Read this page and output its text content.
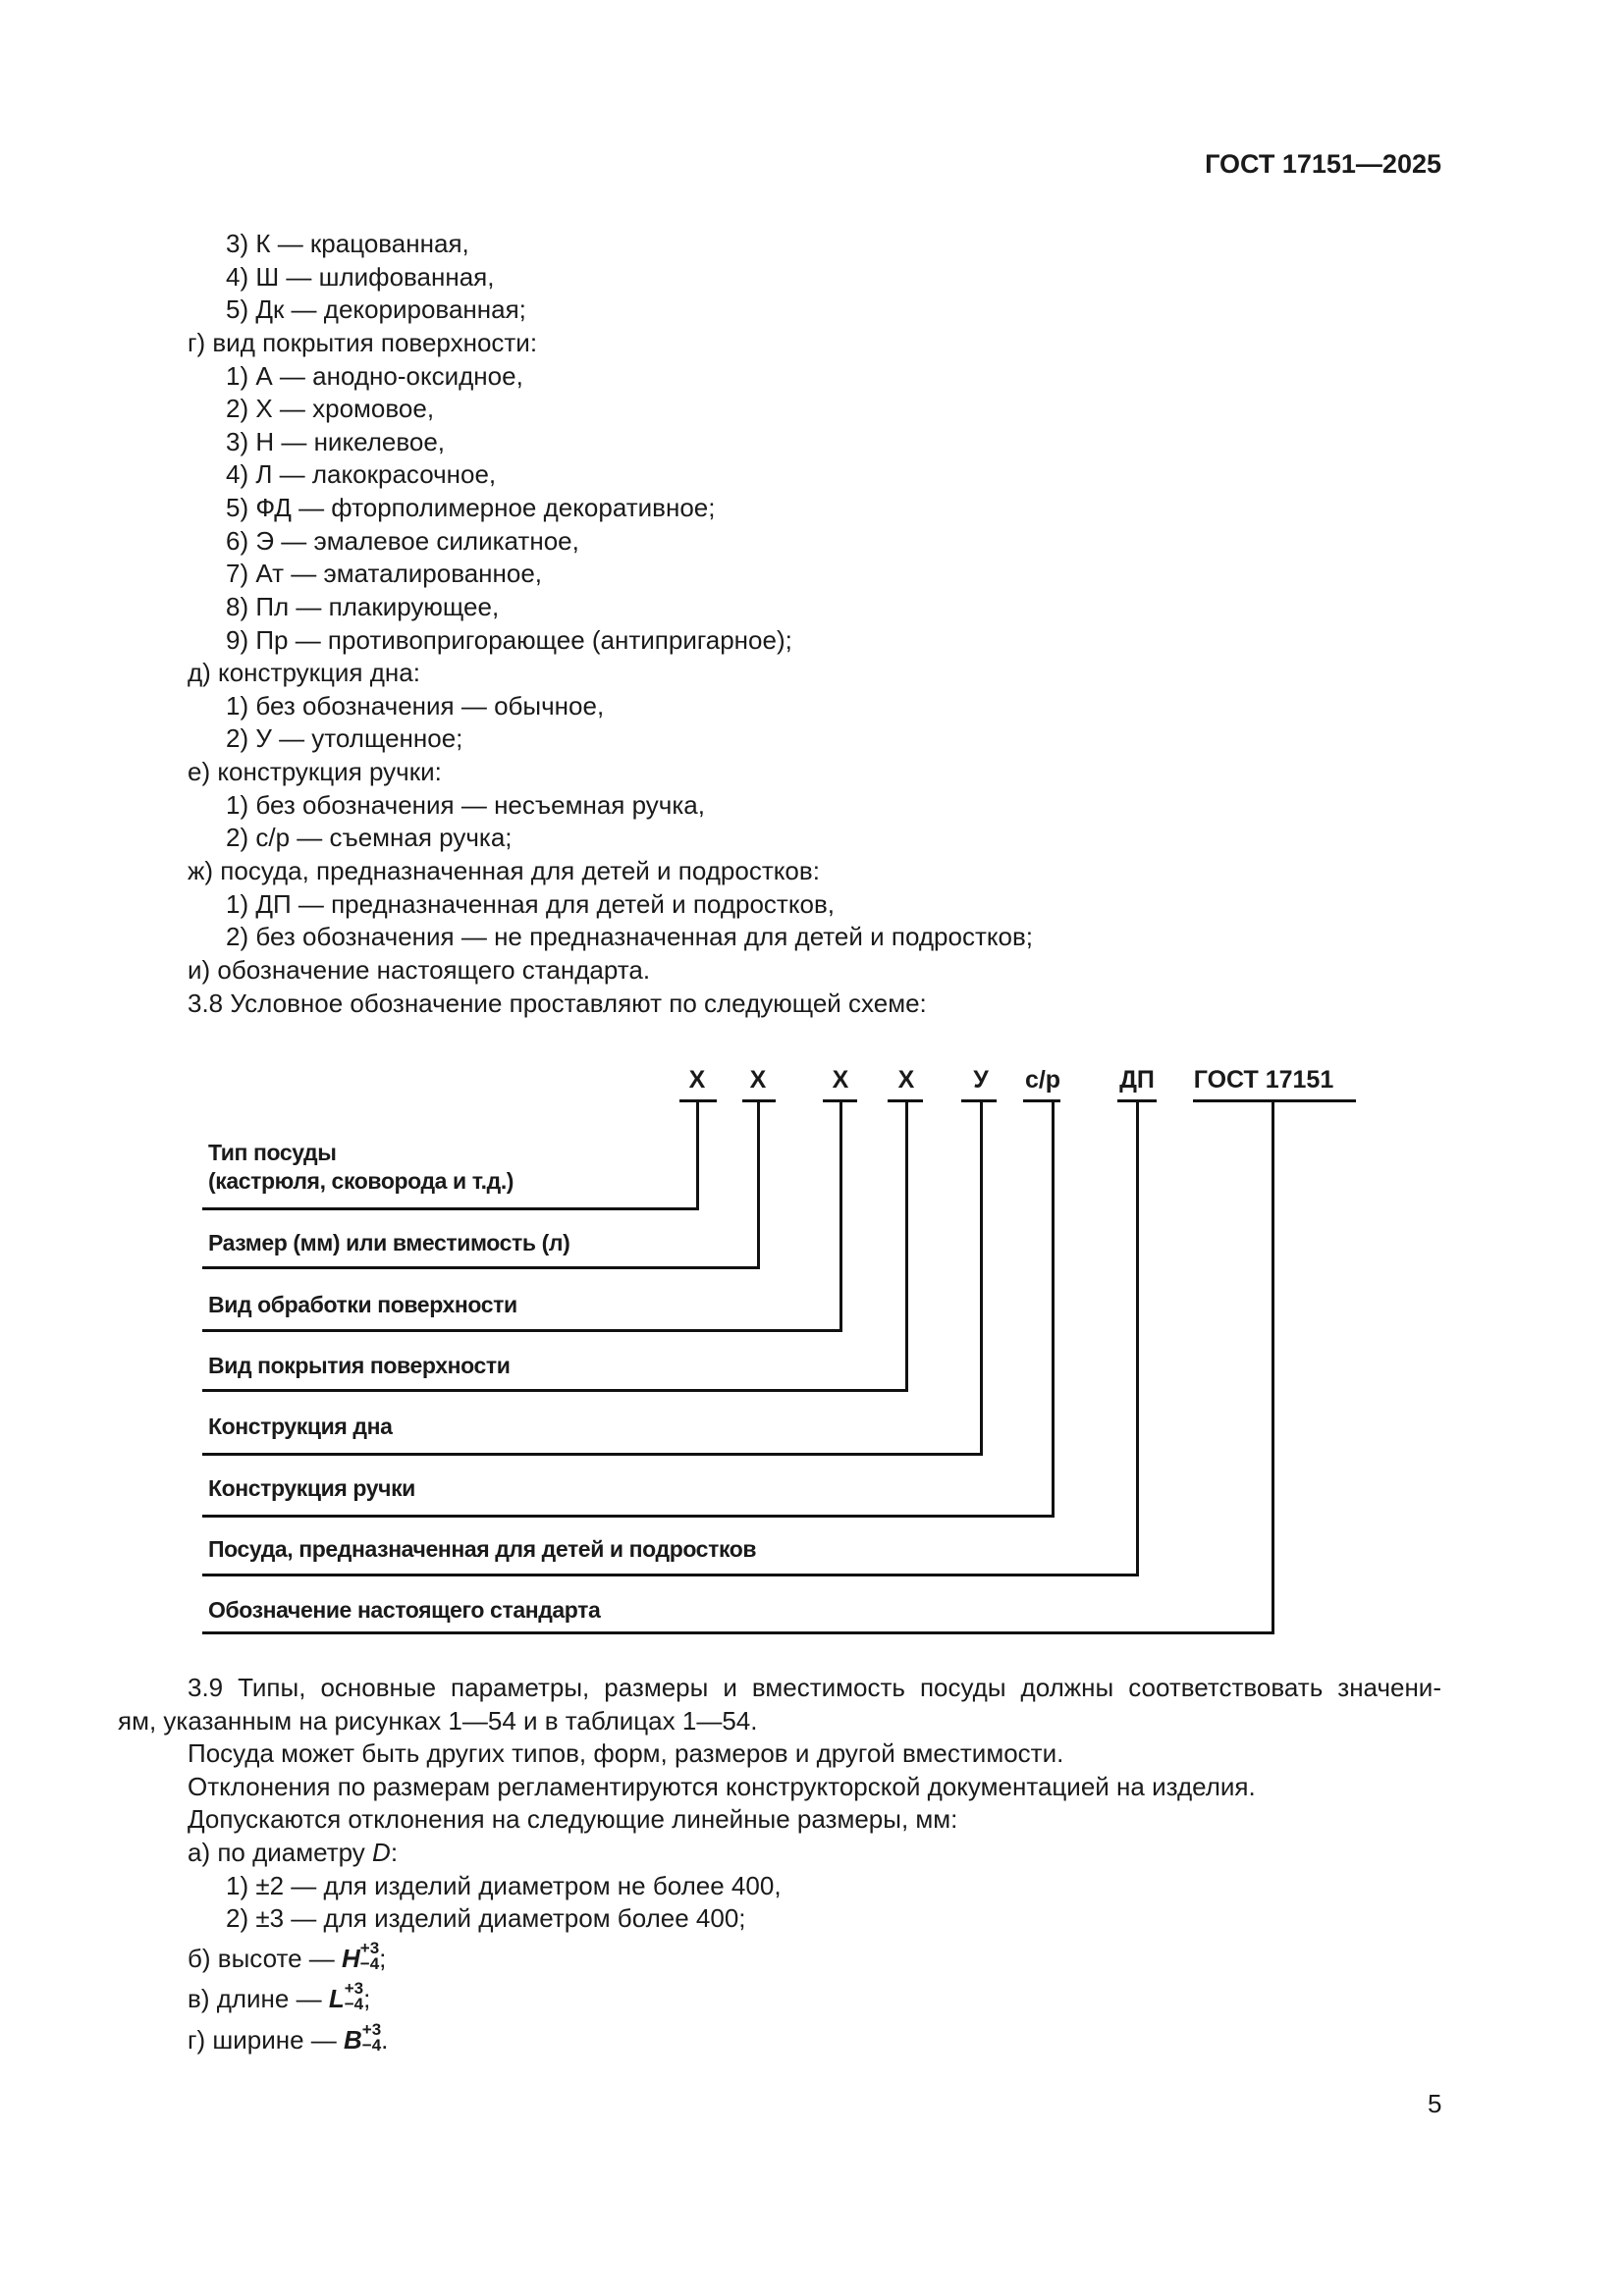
ГОСТ 17151—2025
3) К — крацованная,
4) Ш — шлифованная,
5) Дк — декорированная;
г) вид покрытия поверхности:
1) А — анодно-оксидное,
2) Х — хромовое,
3) Н — никелевое,
4) Л — лакокрасочное,
5) ФД — фторполимерное декоративное;
6) Э — эмалевое силикатное,
7) Ат — эматалированное,
8) Пл — плакирующее,
9) Пр — противопригорающее (антипригарное);
д) конструкция дна:
1) без обозначения — обычное,
2) У — утолщенное;
е) конструкция ручки:
1) без обозначения — несъемная ручка,
2) с/р — съемная ручка;
ж) посуда, предназначенная для детей и подростков:
1) ДП — предназначенная для детей и подростков,
2) без обозначения — не предназначенная для детей и подростков;
и) обозначение настоящего стандарта.
3.8 Условное обозначение проставляют по следующей схеме:
Х Х	Х Х У с/р ДП ГОСТ 17151
Тип посуды
(кастрюля, сковорода и т.д.)
Размер (мм) или вместимость (л)
Вид обработки поверхности
Вид покрытия поверхности
Конструкция дна
Конструкция ручки
Посуда, предназначенная для детей и подростков
Обозначение настоящего стандарта
3.9 Типы, основные параметры, размеры и вместимость посуды должны соответствовать значени-
ям, указанным на рисунках 1—54 и в таблицах 1—54.
Посуда может быть других типов, форм, размеров и другой вместимости.
Отклонения по размерам регламентируются конструкторской документацией на изделия.
Допускаются отклонения на следующие линейные размеры, мм:
а) по диаметру D:
1) ±2 — для изделий диаметром не более 400,
2) ±3 — для изделий диаметром более 400;
б) высоте — H +3
−4 ;
в) длине — L +3
−4 ;
г) ширине — B +3
−4 .
5
